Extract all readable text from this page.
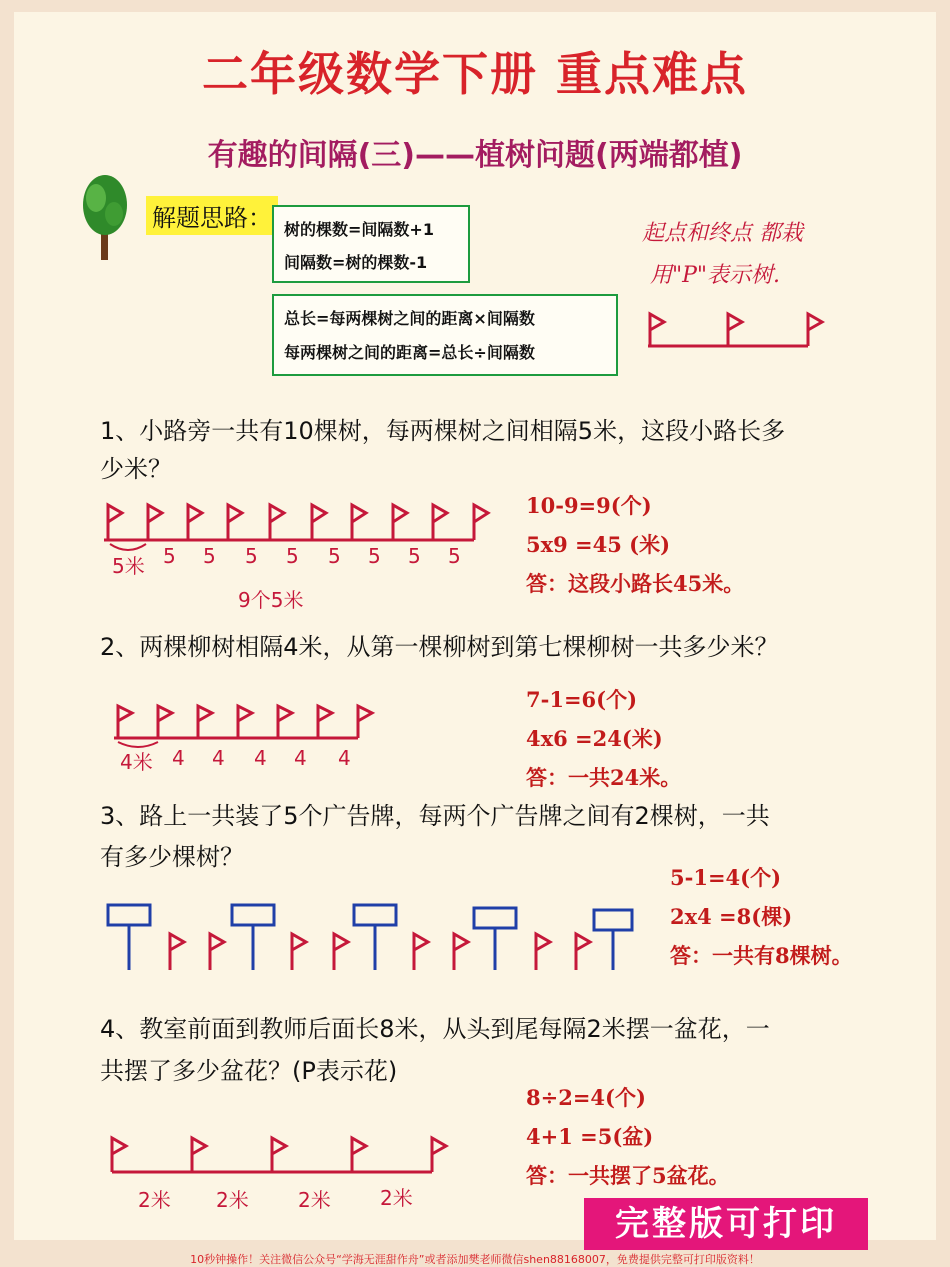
二年级数学下册 重点难点
有趣的间隔(三)——植树问题(两端都植)
解题思路： 树的棵数=间隔数+1
间隔数=树的棵数-1
总长=每两棵树之间的距离×间隔数
每两棵树之间的距离=总长÷间隔数
起点和终点 都栽
用"P"表示树.
1、小路旁一共有10棵树，每两棵树之间相隔5米，这段小路长多
少米？
5米 5 5 5 5 5 5 5 5
9个5米
10-9=9(个)
5x9 =45 (米)
答：这段小路长45米。
2、两棵柳树相隔4米，从第一棵柳树到第七棵柳树一共多少米？
4米 4 4 4 4 4
7-1=6(个)
4x6 =24(米)
答：一共24米。
3、路上一共装了5个广告牌，每两个广告牌之间有2棵树，一共
有多少棵树？
5-1=4(个)
2x4 =8(棵)
答：一共有8棵树。
4、教室前面到教师后面长8米，从头到尾每隔2米摆一盆花，一
共摆了多少盆花？(P表示花)
2米 2米 2米 2米
8÷2=4(个)
4+1 =5(盆)
答：一共摆了5盆花。
完整版可打印
10秒钟操作！关注微信公众号“学海无涯甜作舟”或者添加樊老师微信shen88168007，免费提供完整可打印版资料！
